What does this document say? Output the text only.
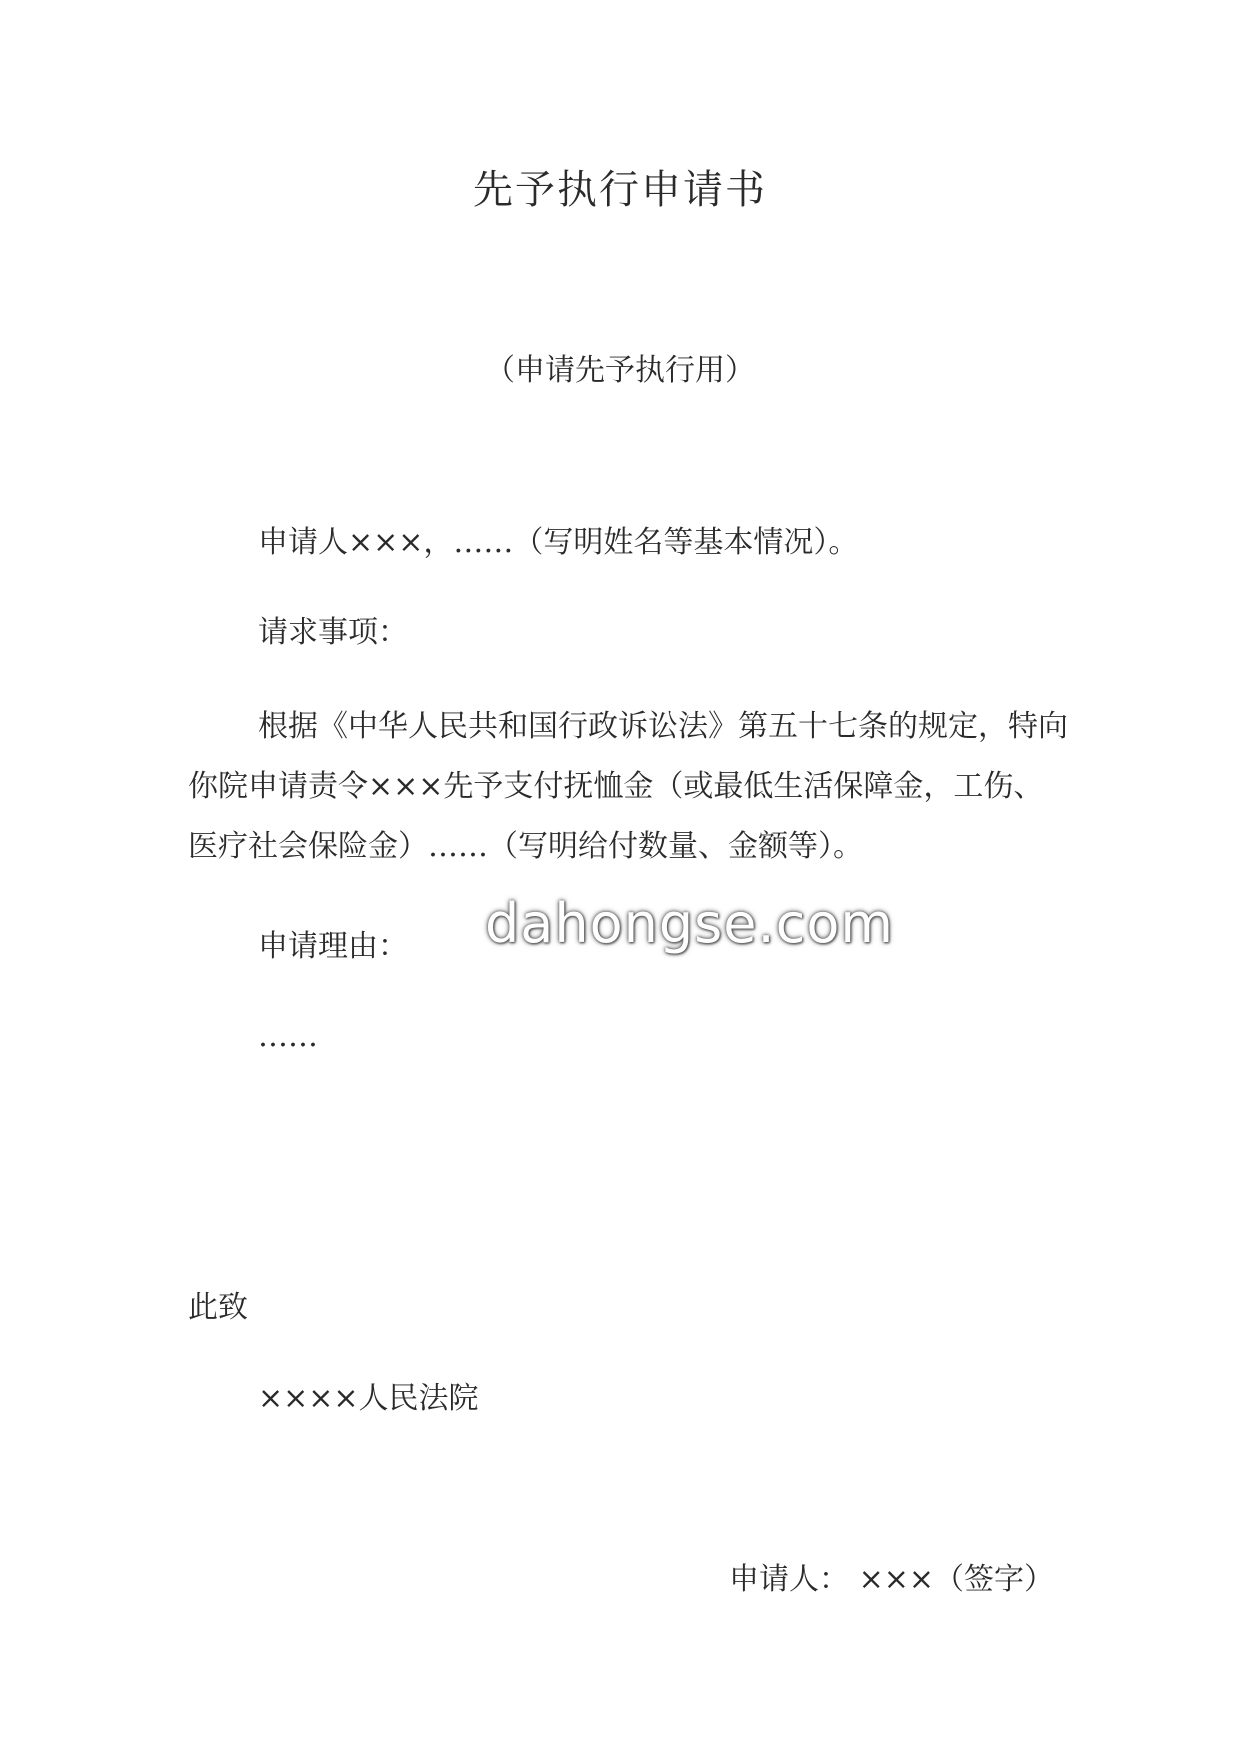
先予执行申请书

（申请先予执行用）

申请人×××，……（写明姓名等基本情况）。

请求事项：

根据《中华人民共和国行政诉讼法》第五十七条的规定，特向你院申请责令×××先予支付抚恤金（或最低生活保障金，工伤、医疗社会保险金）……（写明给付数量、金额等）。

申请理由：

……

此致

××××人民法院

申请人： ×××（签字）

dahongse.com
